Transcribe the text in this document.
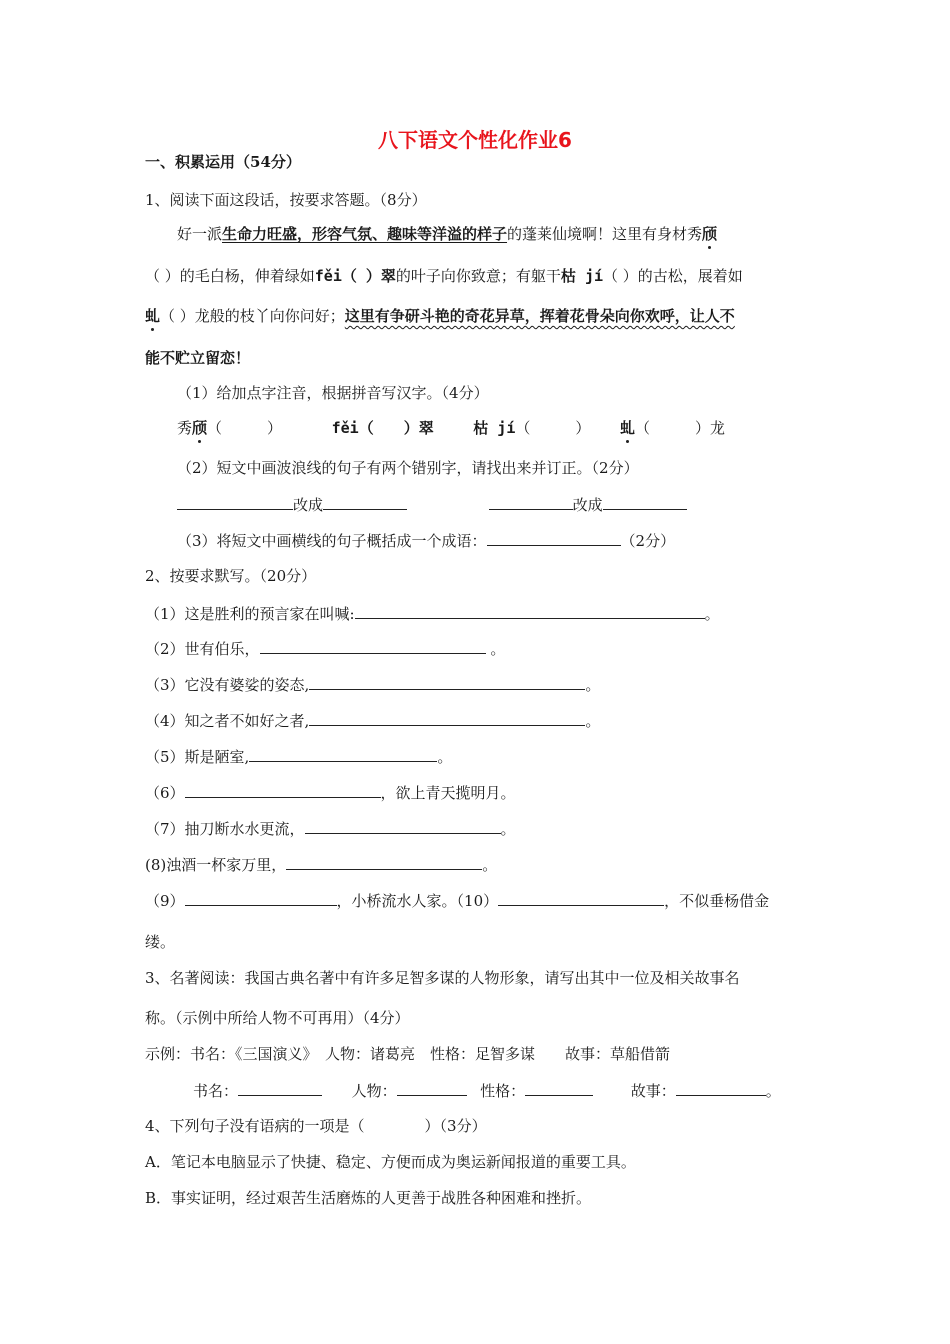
八下语文个性化作业6
一、积累运用（54分）
1、阅读下面这段话，按要求答题。（8分）
好一派生命力旺盛，形容气氛、趣味等洋溢的样子的蓬莱仙境啊！这里有身材秀颀
（ ）的毛白杨，伸着绿如fěi（ ）翠的叶子向你致意；有躯干枯 jí（ ）的古松，展着如
虬（ ）龙般的枝丫向你问好；这里有争研斗艳的奇花异草，挥着花骨朵向你欢呼，让人不
能不贮立留恋！
（1）给加点字注音，根据拼音写汉字。（4分）
秀颀（　　　）	fěi（　　）翠	枯 jí（　　　） 虬（　　　）龙
（2）短文中画波浪线的句子有两个错别字，请找出来并订正。（2分）
改成	改成
（3）将短文中画横线的句子概括成一个成语：	（2分）
2、按要求默写。（20分）
（1）这是胜利的预言家在叫喊:	。
（2）世有伯乐，	。
（3）它没有婆娑的姿态,	。
（4）知之者不如好之者,	。
（5）斯是陋室,	。
（6）	，欲上青天揽明月。
（7）抽刀断水水更流，	。
(8)浊酒一杯家万里，	。
（9）	，小桥流水人家。（10）	，不似垂杨借金
缕。
3、名著阅读：我国古典名著中有许多足智多谋的人物形象，请写出其中一位及相关故事名
称。（示例中所给人物不可再用）（4分）
示例：书名：《三国演义》　人物：诸葛亮　性格：足智多谋　　故事：草船借箭
书名：	人物：	性格：	故事：	。
4、下列句子没有语病的一项是（　　　　）（3分）
A．笔记本电脑显示了快捷、稳定、方便而成为奥运新闻报道的重要工具。
B．事实证明，经过艰苦生活磨炼的人更善于战胜各种困难和挫折。
